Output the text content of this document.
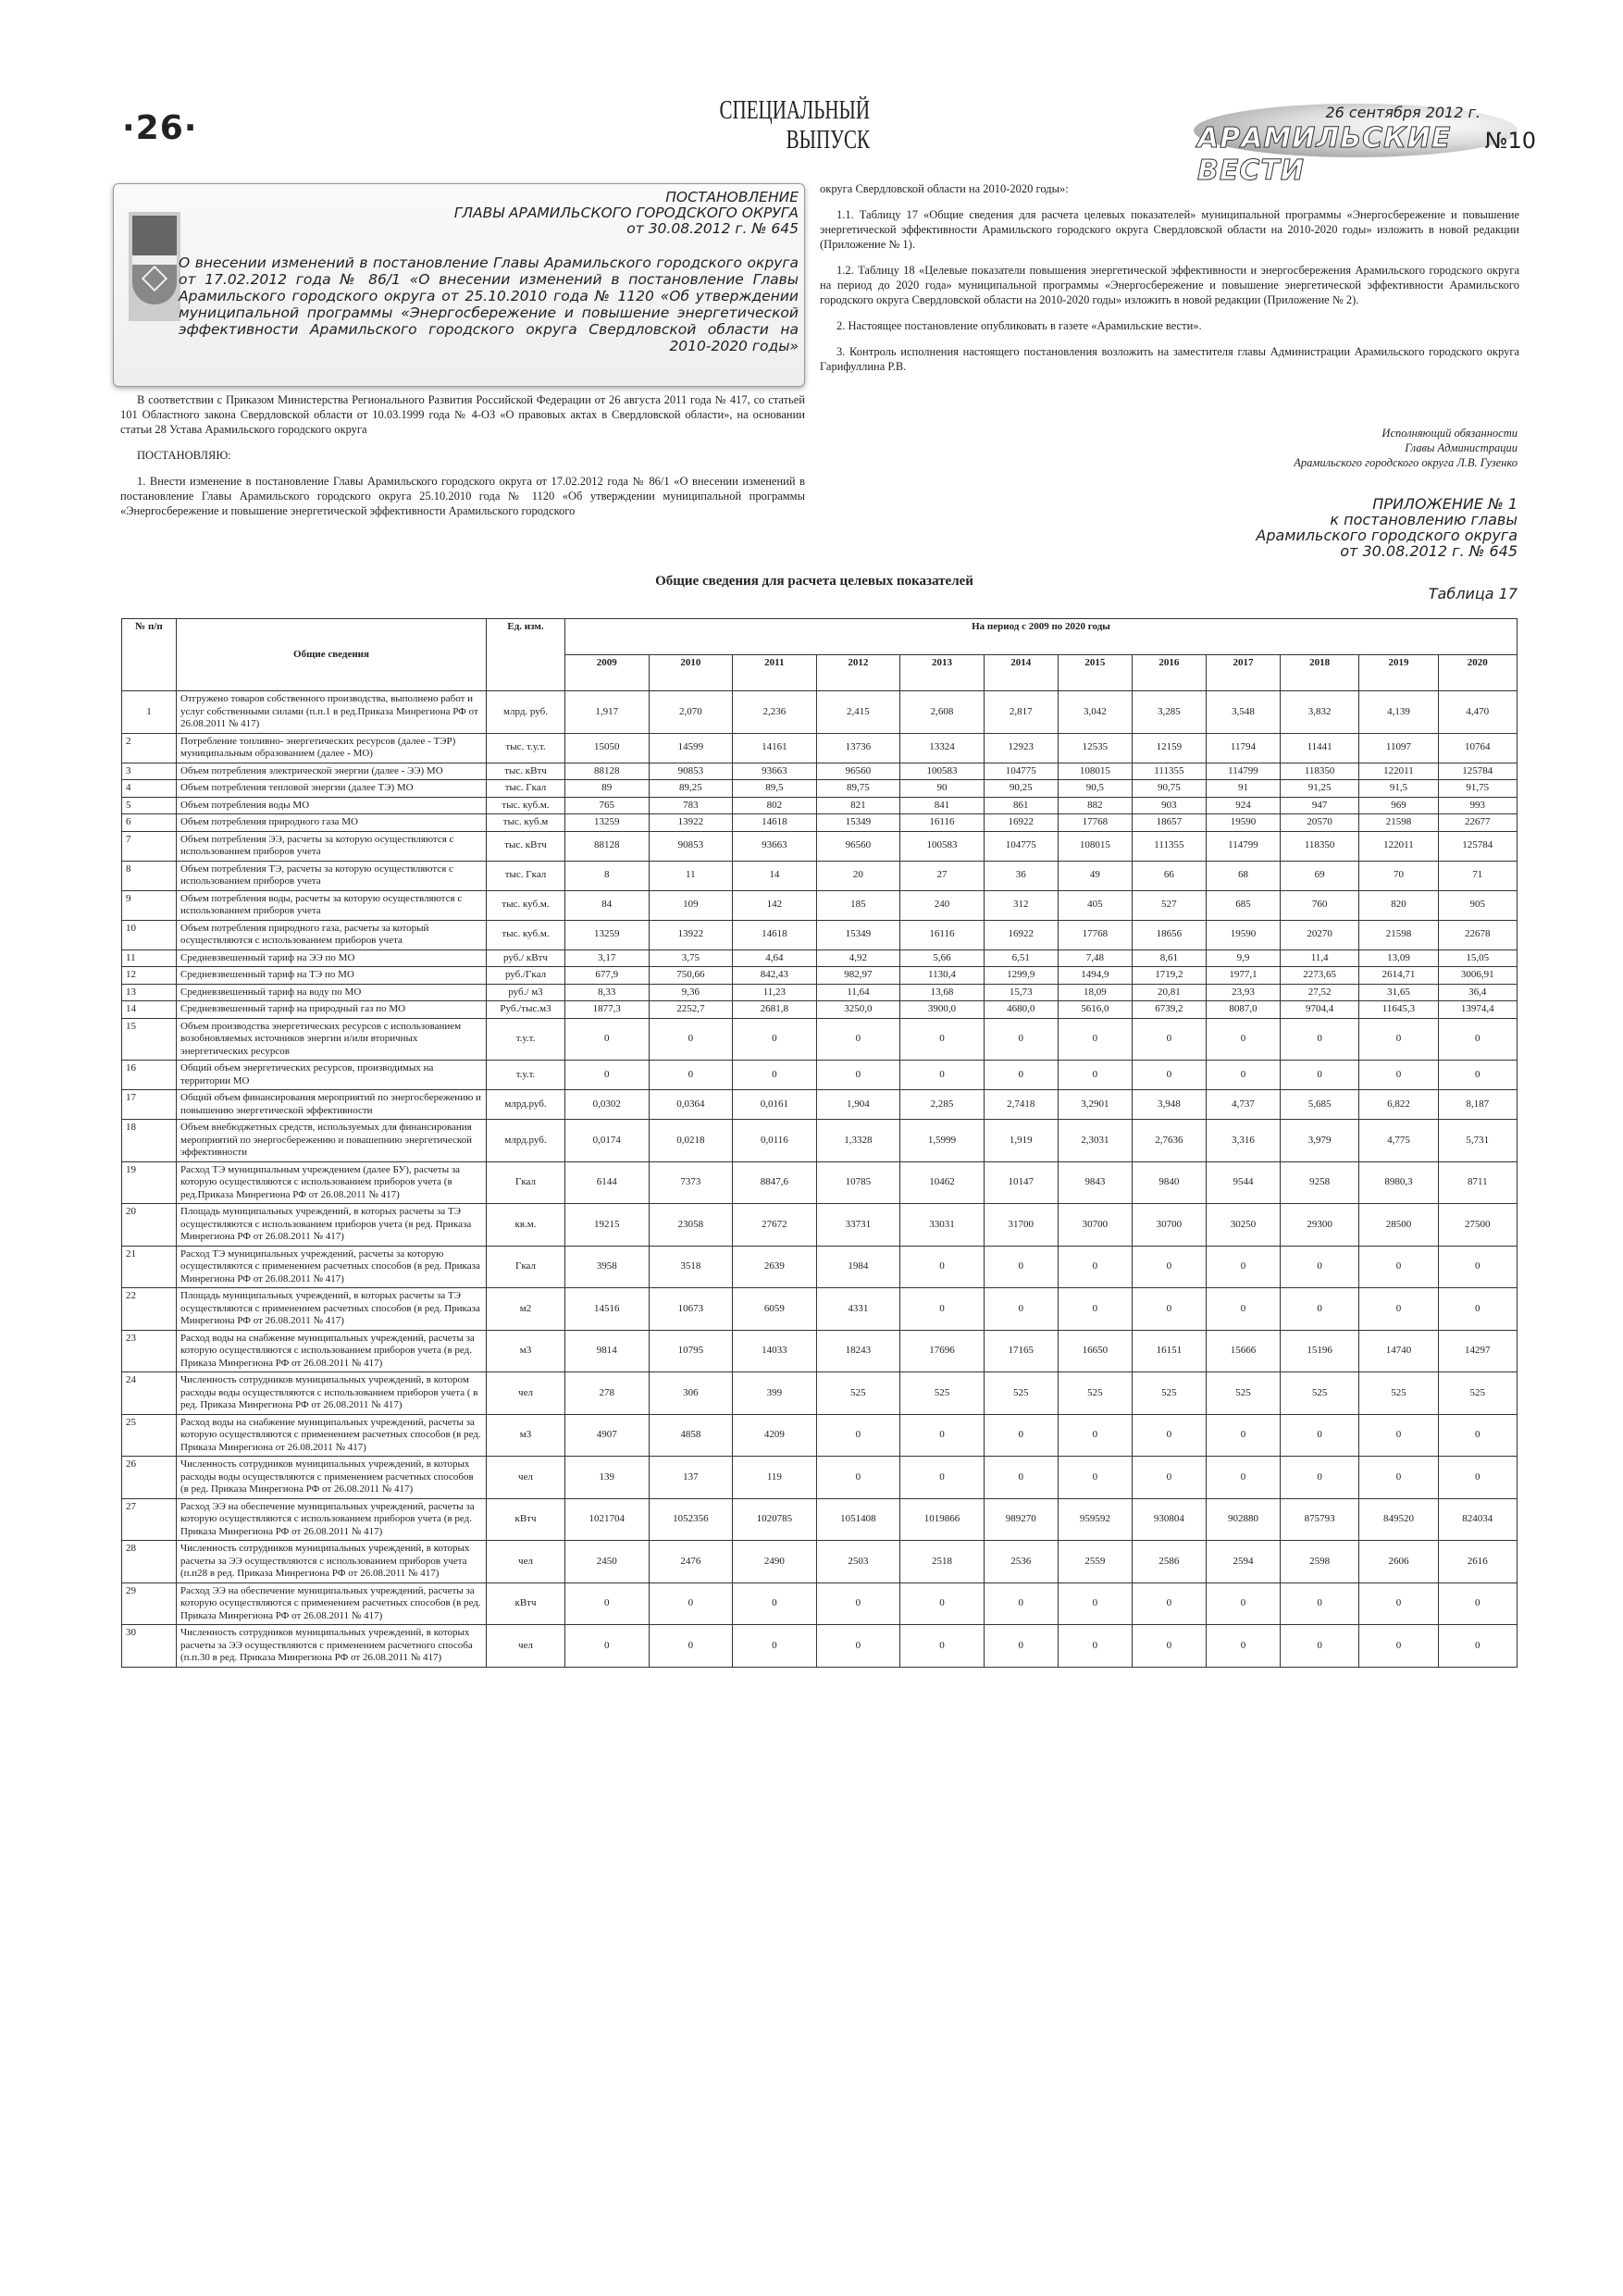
·26·	СПЕЦИАЛЬНЫЙ
ВЫПУСК
26 сентября 2012 г.
АРАМИЛЬСКИЕ ВЕСТИ
№10
ПОСТАНОВЛЕНИЕ
ГЛАВЫ АРАМИЛЬСКОГО ГОРОДСКОГО ОКРУГА
от 30.08.2012 г. № 645
О внесении изменений в постановление Главы Арамильского городского округа от 17.02.2012 года № 86/1 «О внесении изменений в постановление Главы Арамильского городского округа от 25.10.2010 года № 1120 «Об утверждении муниципальной программы «Энергосбережение и повышение энергетической эффективности Арамильского городского округа Свердловской области на 2010-2020 годы»

В соответствии с Приказом Министерства Регионального Развития Российской Федерации от 26 августа 2011 года № 417, со статьей 101 Областного закона Свердловской области от 10.03.1999 года № 4-ОЗ «О правовых актах в Свердловской области», на основании статьи 28 Устава Арамильского городского округа

ПОСТАНОВЛЯЮ:

1. Внести изменение в постановление Главы Арамильского городского округа от 17.02.2012 года № 86/1 «О внесении изменений в постановление Главы Арамильского городского округа 25.10.2010 года № 1120 «Об утверждении муниципальной программы «Энергосбережение и повышение энергетической эффективности Арамильского городского

округа Свердловской области на 2010-2020 годы»:

1.1. Таблицу 17 «Общие сведения для расчета целевых показателей» муниципальной программы «Энергосбережение и повышение энергетической эффективности Арамильского городского округа Свердловской области на 2010-2020 годы» изложить в новой редакции (Приложение № 1).

1.2. Таблицу 18 «Целевые показатели повышения энергетической эффективности и энергосбережения Арамильского городского округа на период до 2020 года» муниципальной программы «Энергосбережение и повышение энергетической эффективности Арамильского городского округа Свердловской области на 2010-2020 годы» изложить в новой редакции (Приложение № 2).

2. Настоящее постановление опубликовать в газете «Арамильские вести».

3. Контроль исполнения настоящего постановления возложить на заместителя главы Администрации Арамильского городского округа Гарифуллина Р.В.

Исполняющий обязанности
Главы Администрации
Арамильского городского округа Л.В. Гузенко
ПРИЛОЖЕНИЕ № 1
к постановлению главы
Арамильского городского округа
от 30.08.2012 г. № 645
Общие сведения для расчета целевых показателей
Таблица 17
№ п/п	Общие сведения	Ед. изм.	На период с 2009 по 2020 годы											
			2009	2010	2011	2012	2013	2014	2015	2016	2017	2018	2019	2020
1	Отгружено товаров собственного производства, выполнено работ и услуг собственными силами (п.п.1 в ред.Приказа Минрегиона РФ от 26.08.2011 № 417)	млрд. руб.	1,917	2,070	2,236	2,415	2,608	2,817	3,042	3,285	3,548	3,832	4,139	4,470
2	Потребление топливно- энергетических ресурсов (далее - ТЭР) муниципальным образованием (далее - МО)	тыс. т.у.т.	15050	14599	14161	13736	13324	12923	12535	12159	11794	11441	11097	10764
3	Объем потребления электрической энергии (далее - ЭЭ) МО	тыс. кВтч	88128	90853	93663	96560	100583	104775	108015	111355	114799	118350	122011	125784
4	Объем потребления тепловой энергии (далее ТЭ) МО	тыс. Гкал	89	89,25	89,5	89,75	90	90,25	90,5	90,75	91	91,25	91,5	91,75
5	Объем потребления воды МО	тыс. куб.м.	765	783	802	821	841	861	882	903	924	947	969	993
6	Объем потребления природного газа МО	тыс. куб.м	13259	13922	14618	15349	16116	16922	17768	18657	19590	20570	21598	22677
7	Объем потребления ЭЭ, расчеты за которую осуществляются с использованием приборов учета	тыс. кВтч	88128	90853	93663	96560	100583	104775	108015	111355	114799	118350	122011	125784
8	Объем потребления ТЭ, расчеты за которую осуществляются с использованием приборов учета	тыс. Гкал	8	11	14	20	27	36	49	66	68	69	70	71
9	Объем потребления воды, расчеты за которую осуществляются с использованием приборов учета	тыс. куб.м.	84	109	142	185	240	312	405	527	685	760	820	905
10	Объем потребления природного газа, расчеты за который осуществляются с использованием приборов учета	тыс. куб.м.	13259	13922	14618	15349	16116	16922	17768	18656	19590	20270	21598	22678
11	Средневзвешенный тариф на ЭЭ по МО	руб./ кВтч	3,17	3,75	4,64	4,92	5,66	6,51	7,48	8,61	9,9	11,4	13,09	15,05
12	Средневзвешенный тариф на ТЭ по МО	руб./Гкал	677,9	750,66	842,43	982,97	1130,4	1299,9	1494,9	1719,2	1977,1	2273,65	2614,71	3006,91
13	Средневзвешенный тариф на воду по МО	руб./ м3	8,33	9,36	11,23	11,64	13,68	15,73	18,09	20,81	23,93	27,52	31,65	36,4
14	Средневзвешенный тариф на природный газ по МО	Руб./тыс.м3	1877,3	2252,7	2681,8	3250,0	3900,0	4680,0	5616,0	6739,2	8087,0	9704,4	11645,3	13974,4
15	Объем производства энергетических ресурсов с использованием возобновляемых источников энергии и/или вторичных энергетических ресурсов	т.у.т.	0	0	0	0	0	0	0	0	0	0	0	0
16	Общий объем энергетических ресурсов, производимых на территории МО	т.у.т.	0	0	0	0	0	0	0	0	0	0	0	0
17	Общий объем финансирования мероприятий по энергосбережению и повышению энергетической эффективности	млрд.руб.	0,0302	0,0364	0,0161	1,904	2,285	2,7418	3,2901	3,948	4,737	5,685	6,822	8,187
18	Объем внебюджетных средств, используемых для финансирования мероприятий по энергосбережению и повашепнию энергетической эффективности	млрд.руб.	0,0174	0,0218	0,0116	1,3328	1,5999	1,919	2,3031	2,7636	3,316	3,979	4,775	5,731
19	Расход ТЭ муниципальным учреждением (далее БУ), расчеты за которую осуществляются с использованием приборов учета (в ред.Приказа Минрегиона РФ от 26.08.2011 № 417)	Гкал	6144	7373	8847,6	10785	10462	10147	9843	9840	9544	9258	8980,3	8711
20	Площадь муниципальных учреждений, в которых расчеты за ТЭ осуществляются с использованием приборов учета (в ред. Приказа Минрегиона РФ от 26.08.2011 № 417)	кв.м.	19215	23058	27672	33731	33031	31700	30700	30700	30250	29300	28500	27500
21	Расход ТЭ муниципальных учреждений, расчеты за которую осуществляются с применением расчетных способов (в ред. Приказа Минрегиона РФ от 26.08.2011 № 417)	Гкал	3958	3518	2639	1984	0	0	0	0	0	0	0	0
22	Площадь муниципальных учреждений, в которых расчеты за ТЭ осуществляются с применением расчетных способов (в ред. Приказа Минрегиона РФ от 26.08.2011 № 417)	м2	14516	10673	6059	4331	0	0	0	0	0	0	0	0
23	Расход воды на снабжение муниципальных учреждений, расчеты за которую осуществляются с использованием приборов учета (в ред. Приказа Минрегиона РФ от 26.08.2011 № 417)	м3	9814	10795	14033	18243	17696	17165	16650	16151	15666	15196	14740	14297
24	Численность сотрудников муниципальных учреждений, в котором расходы воды осуществляются с использованием приборов учета ( в ред. Приказа Минрегиона РФ от 26.08.2011 № 417)	чел	278	306	399	525	525	525	525	525	525	525	525	525
25	Расход воды на снабжение муниципальных учреждений, расчеты за которую осуществляются с применением расчетных способов (в ред. Приказа Минрегиона от 26.08.2011 № 417)	м3	4907	4858	4209	0	0	0	0	0	0	0	0	0
26	Численность сотрудников муниципальных учреждений, в которых расходы воды осуществляются с применением расчетных способов (в ред. Приказа Минрегиона РФ от 26.08.2011 № 417)	чел	139	137	119	0	0	0	0	0	0	0	0	0
27	Расход ЭЭ на обеспечение муниципальных учреждений, расчеты за которую осуществляются с использованием приборов учета (в ред. Приказа Минрегиона РФ от 26.08.2011 № 417)	кВтч	1021704	1052356	1020785	1051408	1019866	989270	959592	930804	902880	875793	849520	824034
28	Численность сотрудников муниципальных учреждений, в которых расчеты за ЭЭ осуществляются с использованием приборов учета (п.п28 в ред. Приказа Минрегиона РФ от 26.08.2011 № 417)	чел	2450	2476	2490	2503	2518	2536	2559	2586	2594	2598	2606	2616
29	Расход ЭЭ на обеспечение муниципальных учреждений, расчеты за которую осуществляются с применением расчетных способов (в ред. Приказа Минрегиона РФ от 26.08.2011 № 417)	кВтч	0	0	0	0	0	0	0	0	0	0	0	0
30	Численность сотрудников муниципальных учреждений, в которых расчеты за ЭЭ осуществляются с применением расчетного способа (п.п.30 в ред. Приказа Минрегиона РФ от 26.08.2011 № 417)	чел	0	0	0	0	0	0	0	0	0	0	0	0
